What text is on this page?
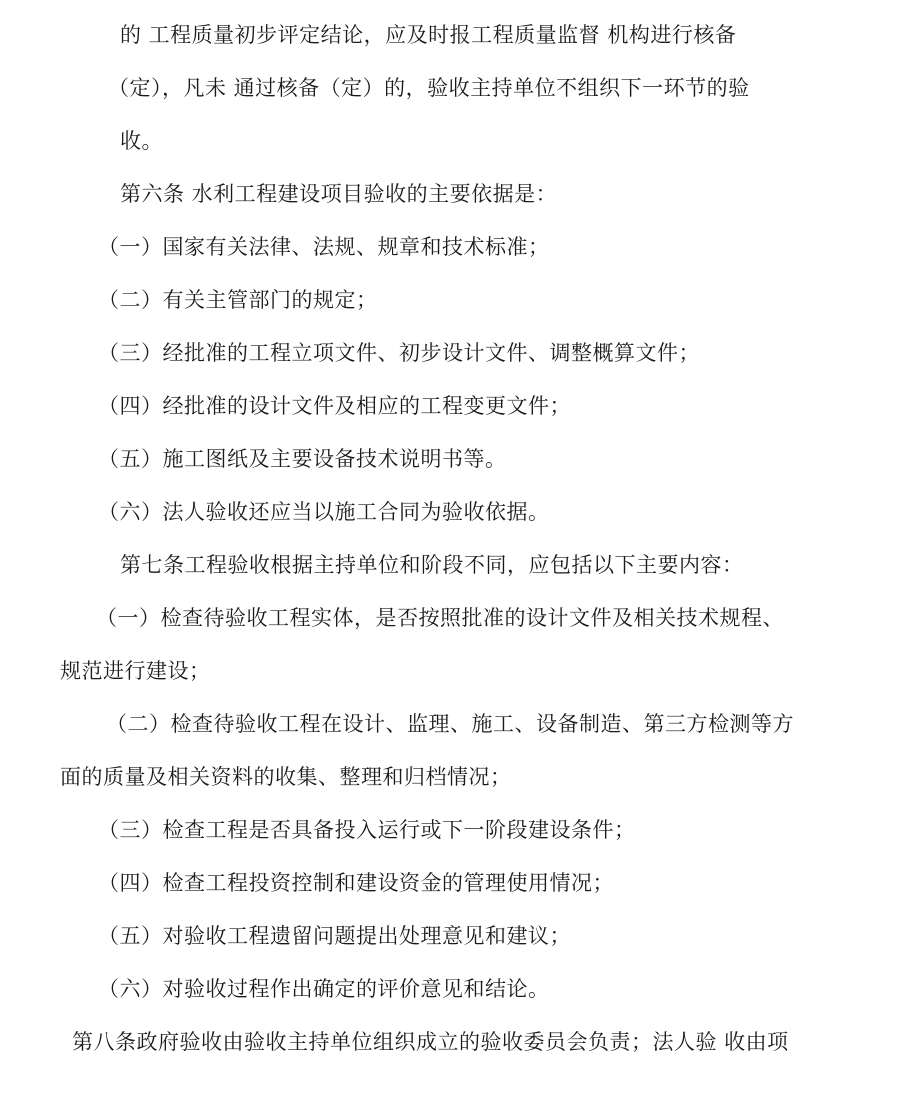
的 工程质量初步评定结论，应及时报工程质量监督 机构进行核备
（定），凡未 通过核备（定）的，验收主持单位不组织下一环节的验
收。
第六条 水利工程建设项目验收的主要依据是：
（一）国家有关法律、法规、规章和技术标准；
（二）有关主管部门的规定；
（三）经批准的工程立项文件、初步设计文件、调整概算文件；
（四）经批准的设计文件及相应的工程变更文件；
（五）施工图纸及主要设备技术说明书等。
（六）法人验收还应当以施工合同为验收依据。
第七条工程验收根据主持单位和阶段不同，应包括以下主要内容：
（一）检查待验收工程实体，是否按照批准的设计文件及相关技术规程、
规范进行建设；
（二）检查待验收工程在设计、监理、施工、设备制造、第三方检测等方
面的质量及相关资料的收集、整理和归档情况；
（三）检查工程是否具备投入运行或下一阶段建设条件；
（四）检查工程投资控制和建设资金的管理使用情况；
（五）对验收工程遗留问题提出处理意见和建议；
（六）对验收过程作出确定的评价意见和结论。
第八条政府验收由验收主持单位组织成立的验收委员会负责；法人验 收由项
